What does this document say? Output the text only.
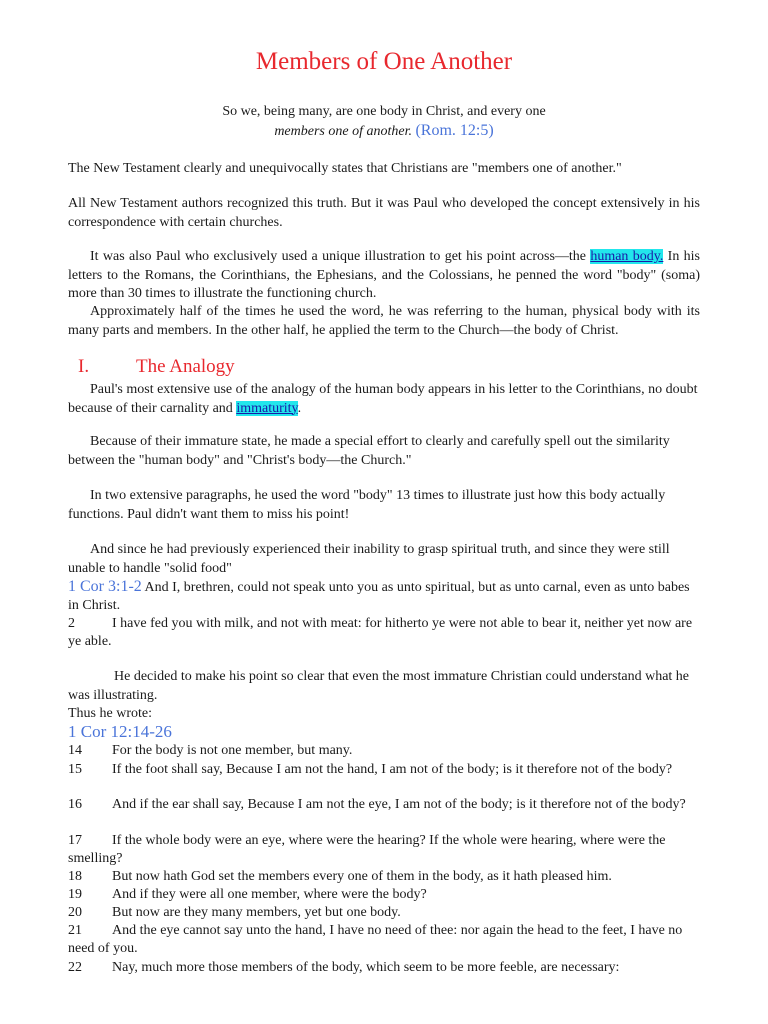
Members of One Another
So we, being many, are one body in Christ, and every one
members one of another. (Rom. 12:5)
The New Testament clearly and unequivocally states that Christians are "members one of another."
All New Testament authors recognized this truth. But it was Paul who developed the concept extensively in his correspondence with certain churches.
It was also Paul who exclusively used a unique illustration to get his point across—the human body. In his letters to the Romans, the Corinthians, the Ephesians, and the Colossians, he penned the word "body" (soma) more than 30 times to illustrate the functioning church.
Approximately half of the times he used the word, he was referring to the human, physical body with its many parts and members. In the other half, he applied the term to the Church—the body of Christ.
I. The Analogy
Paul's most extensive use of the analogy of the human body appears in his letter to the Corinthians, no doubt because of their carnality and immaturity.
Because of their immature state, he made a special effort to clearly and carefully spell out the similarity between the "human body" and "Christ's body—the Church."
In two extensive paragraphs, he used the word "body" 13 times to illustrate just how this body actually functions. Paul didn't want them to miss his point!
And since he had previously experienced their inability to grasp spiritual truth, and since they were still unable to handle "solid food"
1 Cor 3:1-2 And I, brethren, could not speak unto you as unto spiritual, but as unto carnal, even as unto babes in Christ.
2	I have fed you with milk, and not with meat: for hitherto ye were not able to bear it, neither yet now are ye able.
He decided to make his point so clear that even the most immature Christian could understand what he was illustrating.
Thus he wrote:
1 Cor 12:14-26
14 For the body is not one member, but many.
15 If the foot shall say, Because I am not the hand, I am not of the body; is it therefore not of the body?
16 And if the ear shall say, Because I am not the eye, I am not of the body; is it therefore not of the body?
17 If the whole body were an eye, where were the hearing? If the whole were hearing, where were the smelling?
18 But now hath God set the members every one of them in the body, as it hath pleased him.
19 And if they were all one member, where were the body?
20 But now are they many members, yet but one body.
21 And the eye cannot say unto the hand, I have no need of thee: nor again the head to the feet, I have no need of you.
22 Nay, much more those members of the body, which seem to be more feeble, are necessary:
